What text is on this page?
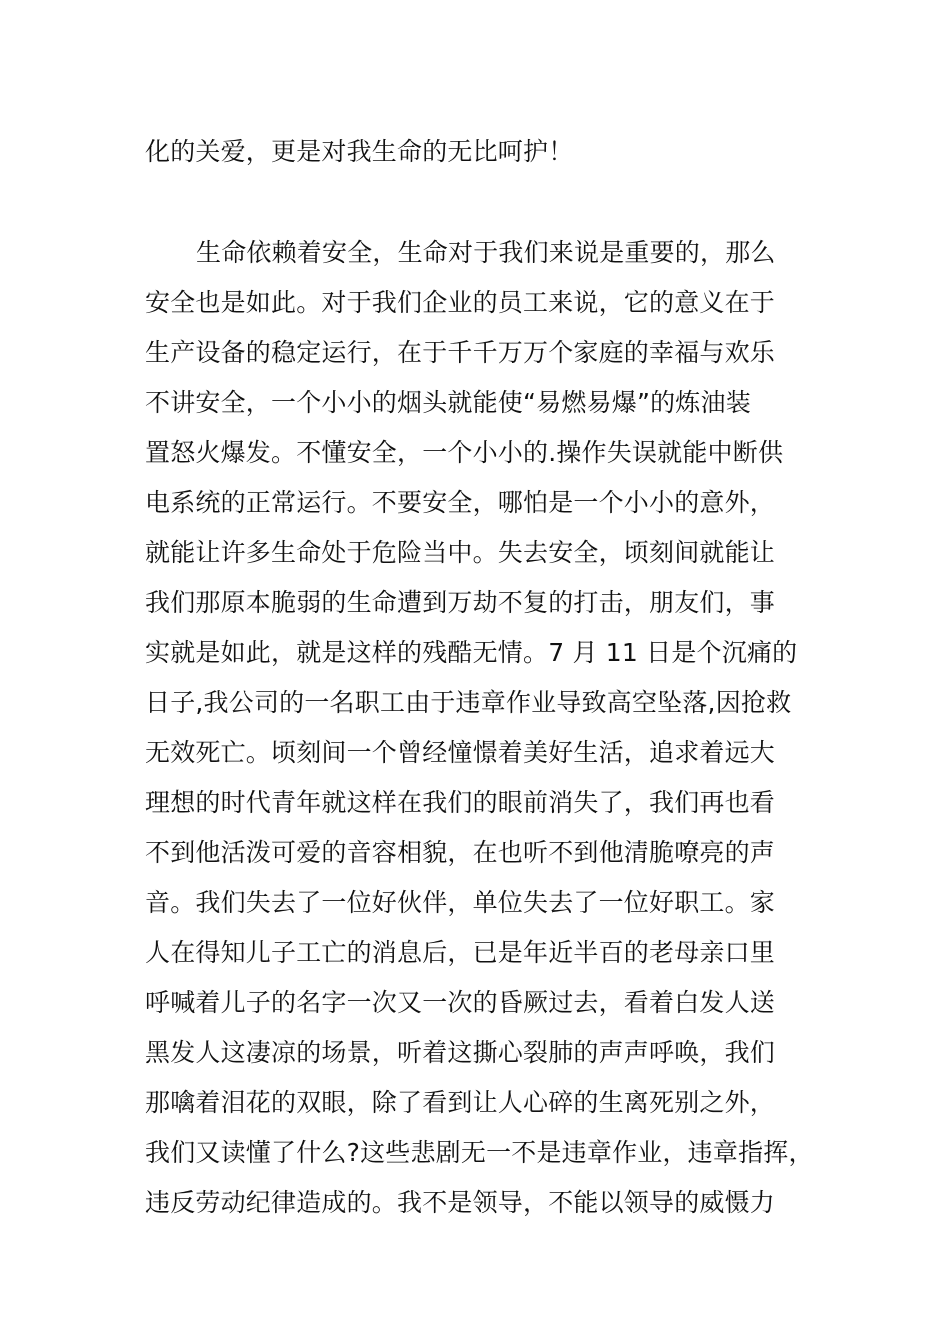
化的关爱，更是对我生命的无比呵护！
生命依赖着安全，生命对于我们来说是重要的，那么
安全也是如此。对于我们企业的员工来说，它的意义在于
生产设备的稳定运行，在于千千万万个家庭的幸福与欢乐
不讲安全，一个小小的烟头就能使“易燃易爆”的炼油装
置怒火爆发。不懂安全，一个小小的.操作失误就能中断供
电系统的正常运行。不要安全，哪怕是一个小小的意外，
就能让许多生命处于危险当中。失去安全，顷刻间就能让
我们那原本脆弱的生命遭到万劫不复的打击，朋友们，事
实就是如此，就是这样的残酷无情。7 月 11 日是个沉痛的
日子,我公司的一名职工由于违章作业导致高空坠落,因抢救
无效死亡。顷刻间一个曾经憧憬着美好生活，追求着远大
理想的时代青年就这样在我们的眼前消失了，我们再也看
不到他活泼可爱的音容相貌，在也听不到他清脆嘹亮的声
音。我们失去了一位好伙伴，单位失去了一位好职工。家
人在得知儿子工亡的消息后，已是年近半百的老母亲口里
呼喊着儿子的名字一次又一次的昏厥过去，看着白发人送
黑发人这凄凉的场景，听着这撕心裂肺的声声呼唤，我们
那噙着泪花的双眼，除了看到让人心碎的生离死别之外，
我们又读懂了什么?这些悲剧无一不是违章作业，违章指挥，
违反劳动纪律造成的。我不是领导，不能以领导的威慑力
